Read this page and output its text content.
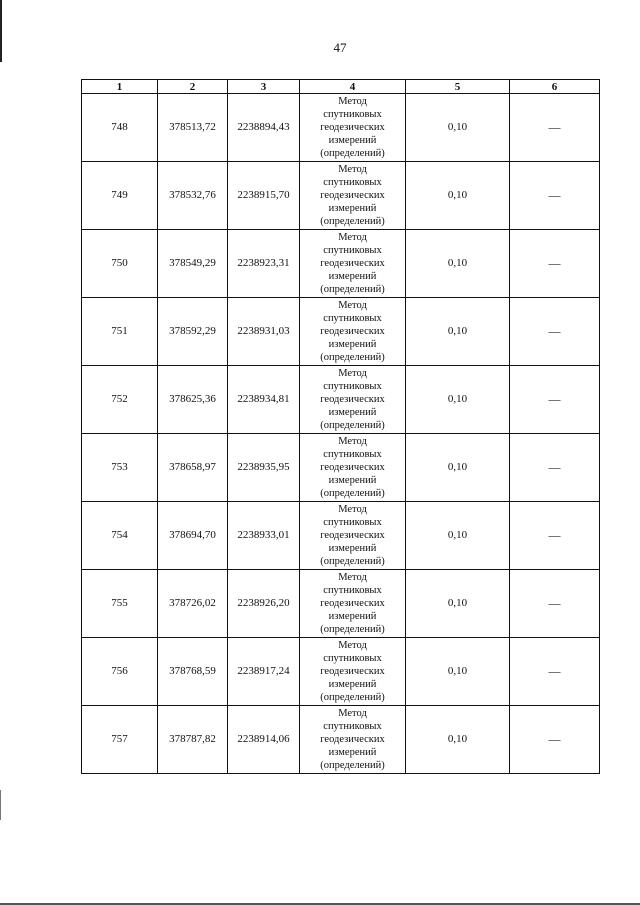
47
1	2	3	4	5	6
748	378513,72	2238894,43	Метод
спутниковых
геодезических
измерений
(определений)	0,10	—
749	378532,76	2238915,70	Метод
спутниковых
геодезических
измерений
(определений)	0,10	—
750	378549,29	2238923,31	Метод
спутниковых
геодезических
измерений
(определений)	0,10	—
751	378592,29	2238931,03	Метод
спутниковых
геодезических
измерений
(определений)	0,10	—
752	378625,36	2238934,81	Метод
спутниковых
геодезических
измерений
(определений)	0,10	—
753	378658,97	2238935,95	Метод
спутниковых
геодезических
измерений
(определений)	0,10	—
754	378694,70	2238933,01	Метод
спутниковых
геодезических
измерений
(определений)	0,10	—
755	378726,02	2238926,20	Метод
спутниковых
геодезических
измерений
(определений)	0,10	—
756	378768,59	2238917,24	Метод
спутниковых
геодезических
измерений
(определений)	0,10	—
757	378787,82	2238914,06	Метод
спутниковых
геодезических
измерений
(определений)	0,10	—
